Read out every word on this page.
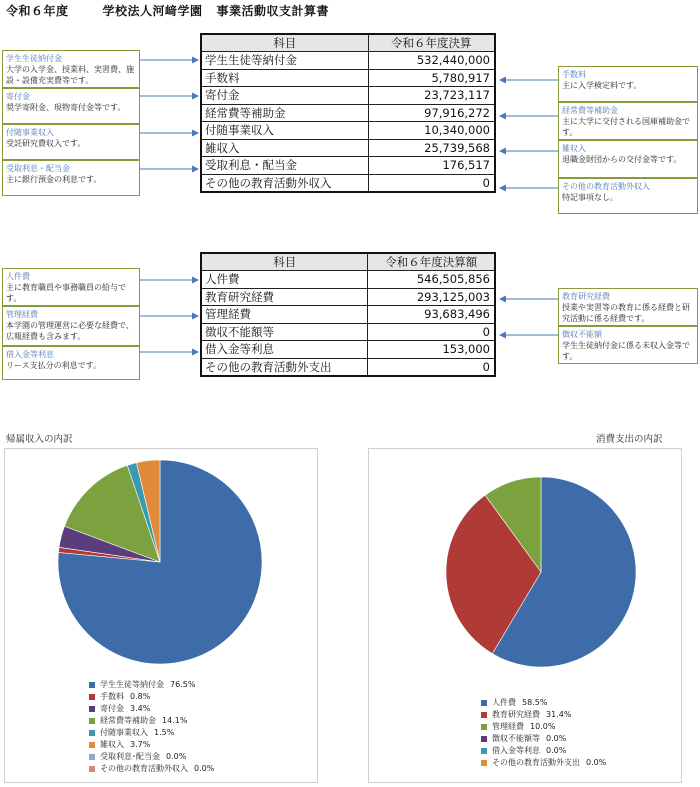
令和６年度	学校法人河﨑学園 事業活動収支計算書
科目	令和６年度決算
学生生徒等納付金	532,440,000
手数料	5,780,917
寄付金	23,723,117
経常費等補助金	97,916,272
付随事業収入	10,340,000
雑収入	25,739,568
受取利息・配当金	176,517
その他の教育活動外収入	0
科目	令和６年度決算額
人件費	546,505,856
教育研究経費	293,125,003
管理経費	93,683,496
徴収不能額等	0
借入金等利息	153,000
その他の教育活動外支出	0
学生生徒納付金
大学の入学金、授業料、実習費、施設・設備充実費等です。
寄付金
奨学寄附金、現物寄付金等です。
付随事業収入
受託研究費収入です。
受取利息・配当金
主に銀行預金の利息です。
手数料
主に入学検定料です。
経常費等補助金
主に大学に交付される国庫補助金です。
雑収入
退職金財団からの交付金等です。
その他の教育活動外収入
特記事項なし。
人件費
主に教育職員や事務職員の給与です。
管理経費
本学園の管理運営に必要な経費で、広報経費も含みます。
借入金等利息
リース支払分の利息です。
教育研究経費
授業や実習等の教育に係る経費と研究活動に係る経費です。
徴収不能額
学生生徒納付金に係る未収入金等です。
帰属収入の内訳	消費支出の内訳
学生生徒等納付金 76.5%
手数料 0.8%
寄付金 3.4%
経常費等補助金 14.1%
付随事業収入 1.5%
雑収入 3.7%
受取利息･配当金 0.0%
その他の教育活動外収入 0.0%
人件費 58.5%
教育研究経費 31.4%
管理経費 10.0%
徴収不能額等 0.0%
借入金等利息 0.0%
その他の教育活動外支出 0.0%
